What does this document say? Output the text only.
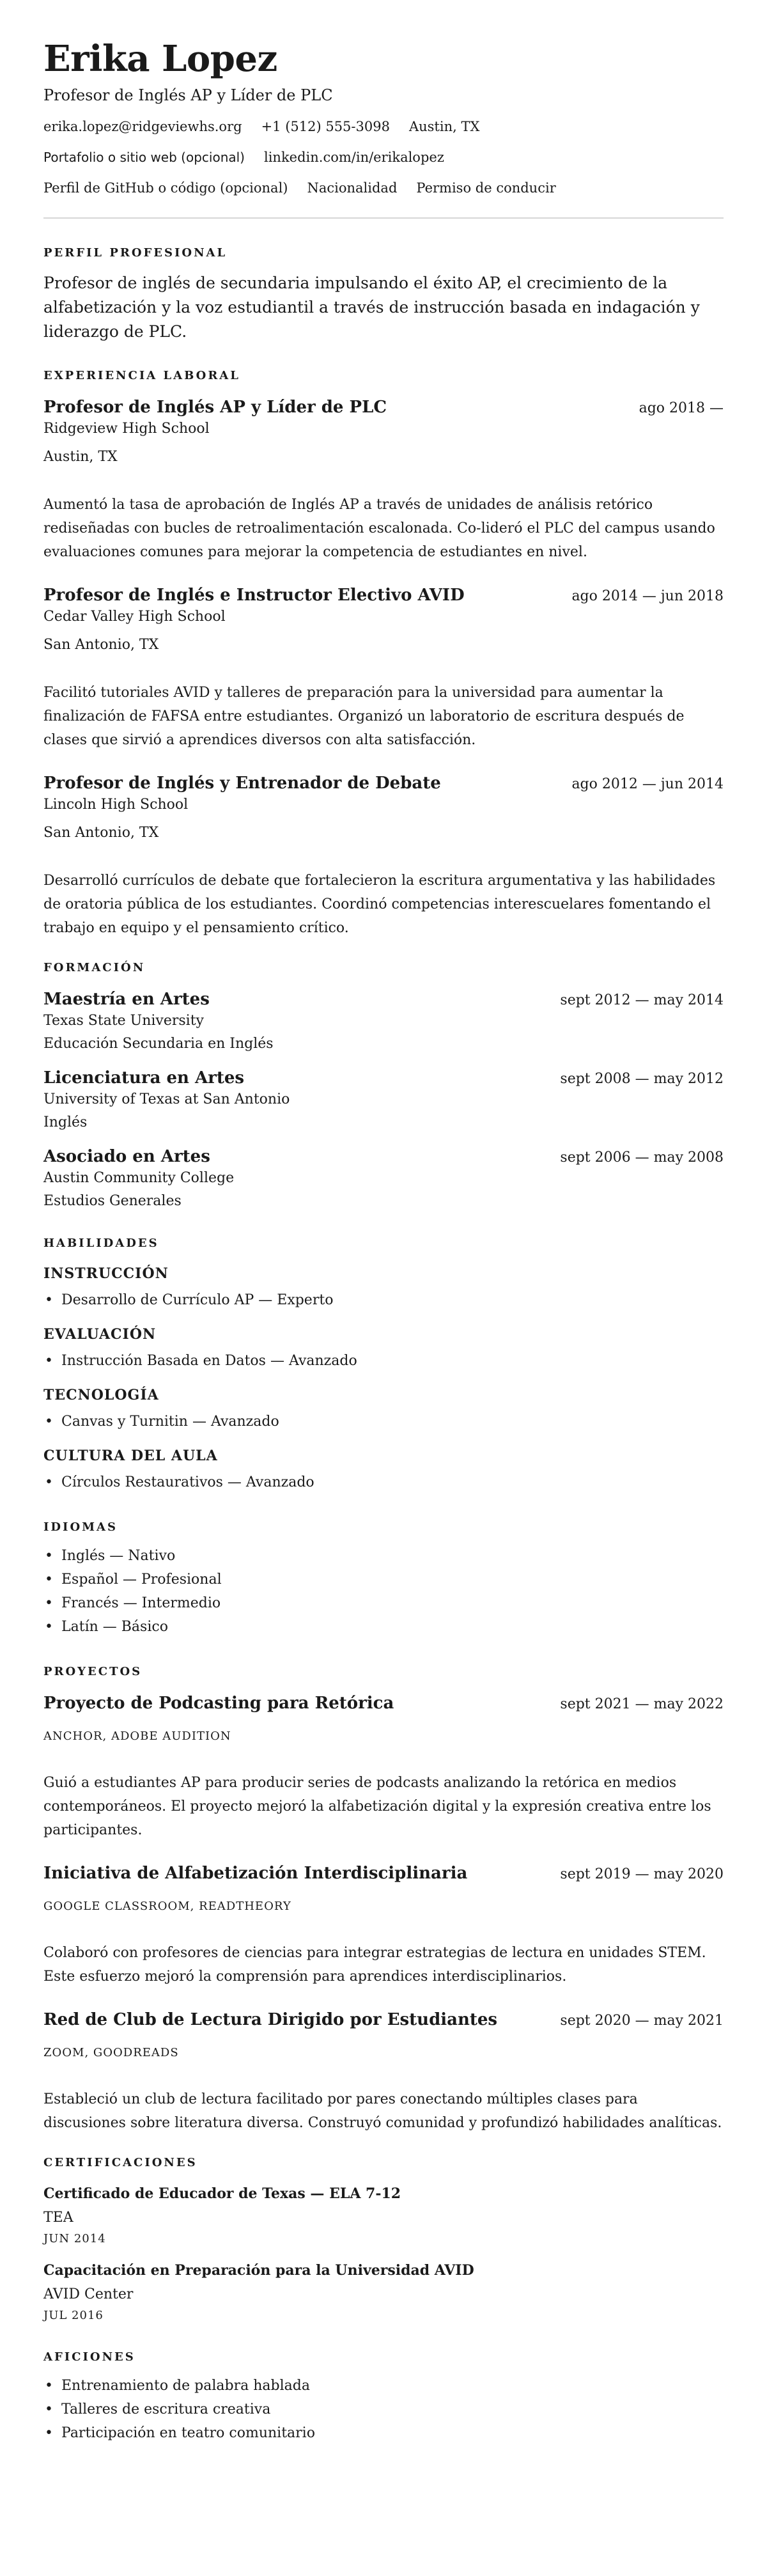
Erika Lopez
Profesor de Inglés AP y Líder de PLC
erika.lopez@ridgeviewhs.org +1 (512) 555-3098 Austin, TX
Portafolio o sitio web (opcional) linkedin.com/in/erikalopez
Perfil de GitHub o código (opcional) Nacionalidad Permiso de conducir
PERFIL PROFESIONAL

Profesor de inglés de secundaria impulsando el éxito AP, el crecimiento de la alfabetización y la voz estudiantil a través de instrucción basada en indagación y liderazgo de PLC.

EXPERIENCIA LABORAL
Profesor de Inglés AP y Líder de PLC	ago 2018 —
Ridgeview High School
Austin, TX

Aumentó la tasa de aprobación de Inglés AP a través de unidades de análisis retórico rediseñadas con bucles de retroalimentación escalonada. Co-lideró el PLC del campus usando evaluaciones comunes para mejorar la competencia de estudiantes en nivel.

Profesor de Inglés e Instructor Electivo AVID	ago 2014 — jun 2018
Cedar Valley High School
San Antonio, TX

Facilitó tutoriales AVID y talleres de preparación para la universidad para aumentar la finalización de FAFSA entre estudiantes. Organizó un laboratorio de escritura después de clases que sirvió a aprendices diversos con alta satisfacción.

Profesor de Inglés y Entrenador de Debate	ago 2012 — jun 2014
Lincoln High School
San Antonio, TX

Desarrolló currículos de debate que fortalecieron la escritura argumentativa y las habilidades de oratoria pública de los estudiantes. Coordinó competencias interescuelares fomentando el trabajo en equipo y el pensamiento crítico.

FORMACIÓN
Maestría en Artes	sept 2012 — may 2014
Texas State University
Educación Secundaria en Inglés
Licenciatura en Artes	sept 2008 — may 2012
University of Texas at San Antonio
Inglés
Asociado en Artes	sept 2006 — may 2008
Austin Community College
Estudios Generales
HABILIDADES
INSTRUCCIÓN
• Desarrollo de Currículo AP — Experto
EVALUACIÓN
• Instrucción Basada en Datos — Avanzado
TECNOLOGÍA
• Canvas y Turnitin — Avanzado
CULTURA DEL AULA
• Círculos Restaurativos — Avanzado
IDIOMAS
• Inglés — Nativo
• Español — Profesional
• Francés — Intermedio
• Latín — Básico
PROYECTOS
Proyecto de Podcasting para Retórica	sept 2021 — may 2022
ANCHOR, ADOBE AUDITION

Guió a estudiantes AP para producir series de podcasts analizando la retórica en medios contemporáneos. El proyecto mejoró la alfabetización digital y la expresión creativa entre los participantes.

Iniciativa de Alfabetización Interdisciplinaria	sept 2019 — may 2020
GOOGLE CLASSROOM, READTHEORY

Colaboró con profesores de ciencias para integrar estrategias de lectura en unidades STEM. Este esfuerzo mejoró la comprensión para aprendices interdisciplinarios.

Red de Club de Lectura Dirigido por Estudiantes	sept 2020 — may 2021
ZOOM, GOODREADS

Estableció un club de lectura facilitado por pares conectando múltiples clases para discusiones sobre literatura diversa. Construyó comunidad y profundizó habilidades analíticas.

CERTIFICACIONES
Certificado de Educador de Texas — ELA 7-12
TEA
JUN 2014
Capacitación en Preparación para la Universidad AVID
AVID Center
JUL 2016
AFICIONES
• Entrenamiento de palabra hablada
• Talleres de escritura creativa
• Participación en teatro comunitario
